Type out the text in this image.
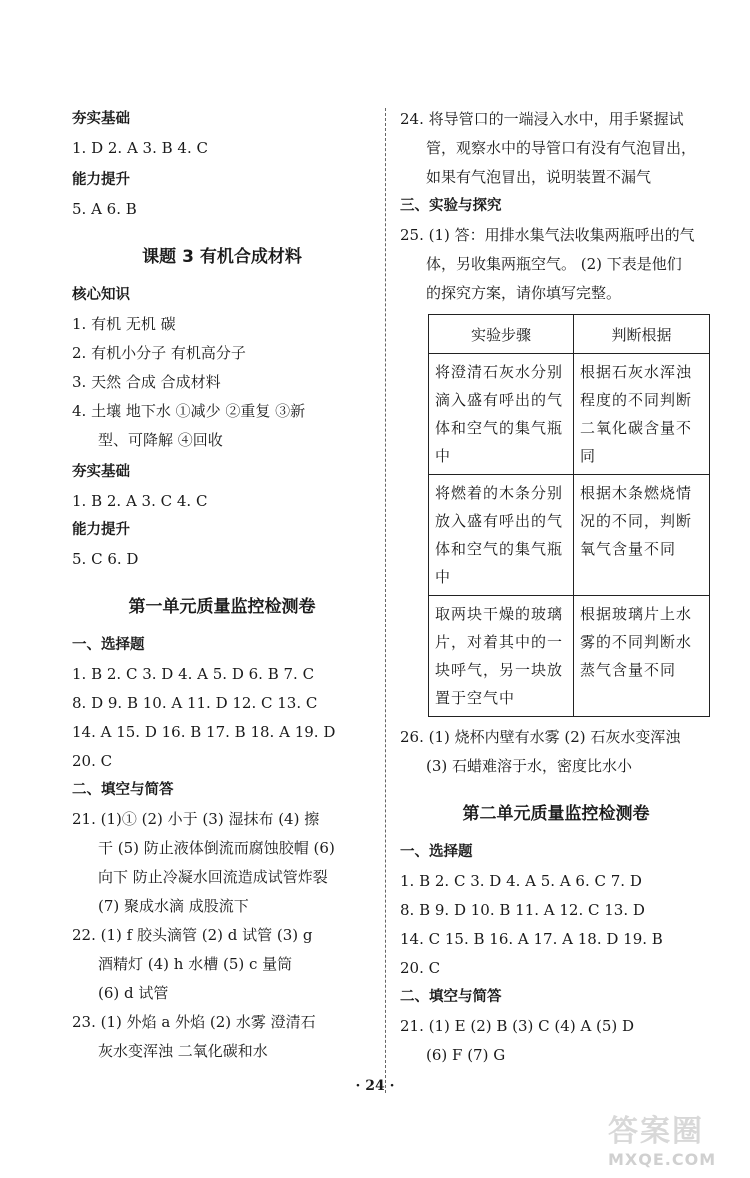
夯实基础
1. D 2. A 3. B 4. C
能力提升
5. A 6. B
课题 3 有机合成材料
核心知识
1. 有机 无机 碳
2. 有机小分子 有机高分子
3. 天然 合成 合成材料
4. 土壤 地下水 ①减少 ②重复 ③新
型、可降解 ④回收
夯实基础
1. B 2. A 3. C 4. C
能力提升
5. C 6. D
第一单元质量监控检测卷
一、选择题
1. B 2. C 3. D 4. A 5. D 6. B 7. C
8. D 9. B 10. A 11. D 12. C 13. C
14. A 15. D 16. B 17. B 18. A 19. D
20. C
二、填空与简答
21. (1)① (2) 小于 (3) 湿抹布 (4) 擦
干 (5) 防止液体倒流而腐蚀胶帽 (6)
向下 防止冷凝水回流造成试管炸裂
(7) 聚成水滴 成股流下
22. (1) f 胶头滴管 (2) d 试管 (3) g
酒精灯 (4) h 水槽 (5) c 量筒
(6) d 试管
23. (1) 外焰 a 外焰 (2) 水雾 澄清石
灰水变浑浊 二氧化碳和水
24. 将导管口的一端浸入水中，用手紧握试
管，观察水中的导管口有没有气泡冒出，
如果有气泡冒出，说明装置不漏气
三、实验与探究
25. (1) 答：用排水集气法收集两瓶呼出的气
体，另收集两瓶空气。 (2) 下表是他们
的探究方案，请你填写完整。
实验步骤	判断根据
将澄清石灰水分别滴入盛有呼出的气体和空气的集气瓶中	根据石灰水浑浊程度的不同判断二氧化碳含量不同
将燃着的木条分别放入盛有呼出的气体和空气的集气瓶中	根据木条燃烧情况的不同，判断氧气含量不同
取两块干燥的玻璃片，对着其中的一块呼气，另一块放置于空气中	根据玻璃片上水雾的不同判断水蒸气含量不同
26. (1) 烧杯内壁有水雾 (2) 石灰水变浑浊
(3) 石蜡难溶于水，密度比水小
第二单元质量监控检测卷
一、选择题
1. B 2. C 3. D 4. A 5. A 6. C 7. D
8. B 9. D 10. B 11. A 12. C 13. D
14. C 15. B 16. A 17. A 18. D 19. B
20. C
二、填空与简答
21. (1) E (2) B (3) C (4) A (5) D
(6) F (7) G
· 24 ·
答案圈
MXQE.COM
